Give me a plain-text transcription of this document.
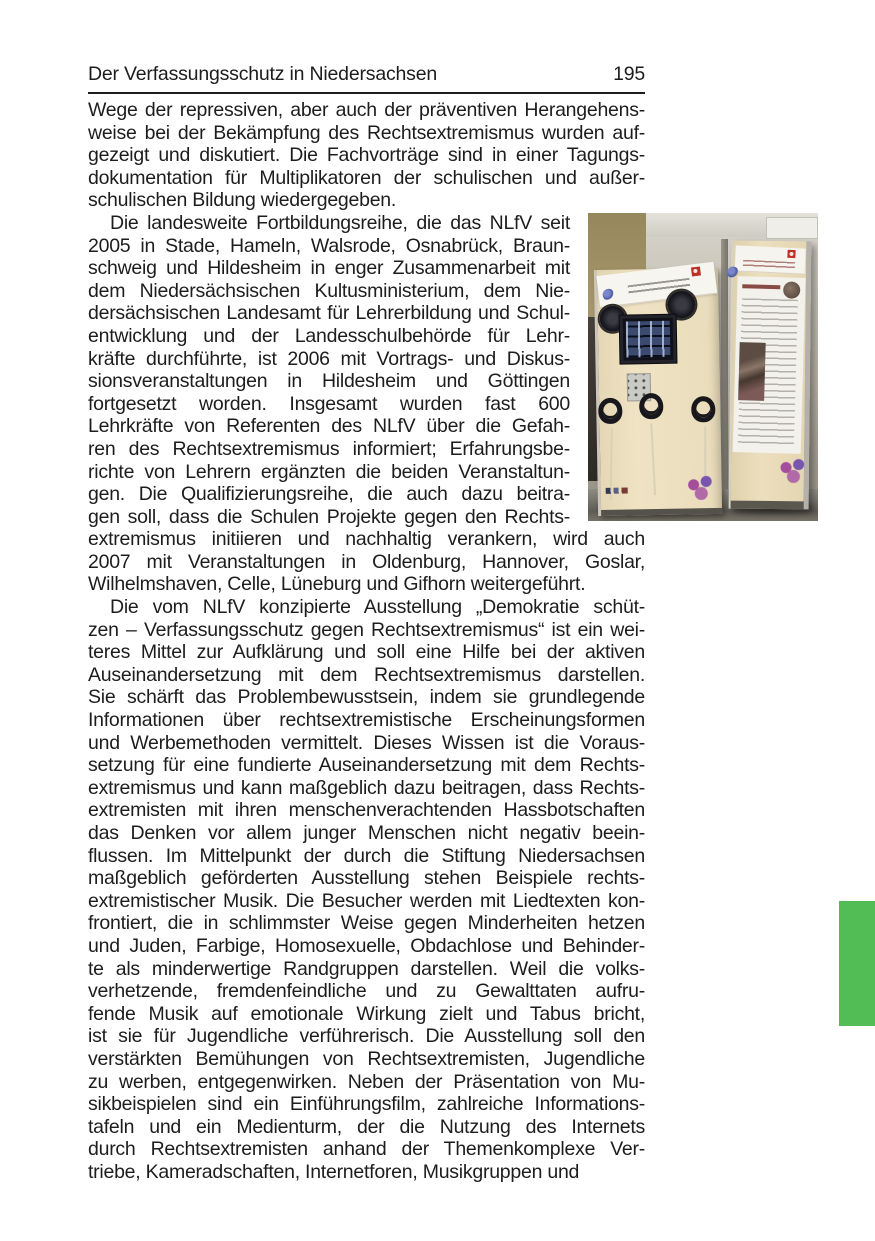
Der Verfassungsschutz in Niedersachsen	195
Wege der repressiven, aber auch der präventiven Herangehens-
weise bei der Bekämpfung des Rechtsextremismus wurden auf-
gezeigt und diskutiert. Die Fachvorträge sind in einer Tagungs-
dokumentation für Multiplikatoren der schulischen und außer-
schulischen Bildung wiedergegeben.
Die landesweite Fortbildungsreihe, die das NLfV seit
2005 in Stade, Hameln, Walsrode, Osnabrück, Braun-
schweig und Hildesheim in enger Zusammenarbeit mit
dem Niedersächsischen Kultusministerium, dem Nie-
dersächsischen Landesamt für Lehrerbildung und Schul-
entwicklung und der Landesschulbehörde für Lehr-
kräfte durchführte, ist 2006 mit Vortrags- und Diskus-
sionsveranstaltungen in Hildesheim und Göttingen
fortgesetzt worden. Insgesamt wurden fast 600
Lehrkräfte von Referenten des NLfV über die Gefah-
ren des Rechtsextremismus informiert; Erfahrungsbe-
richte von Lehrern ergänzten die beiden Veranstaltun-
gen. Die Qualifizierungsreihe, die auch dazu beitra-
gen soll, dass die Schulen Projekte gegen den Rechts-
extremismus initiieren und nachhaltig verankern, wird auch
2007 mit Veranstaltungen in Oldenburg, Hannover, Goslar,
Wilhelmshaven, Celle, Lüneburg und Gifhorn weitergeführt.
Die vom NLfV konzipierte Ausstellung „Demokratie schüt-
zen – Verfassungsschutz gegen Rechtsextremismus“ ist ein wei-
teres Mittel zur Aufklärung und soll eine Hilfe bei der aktiven
Auseinandersetzung mit dem Rechtsextremismus darstellen.
Sie schärft das Problembewusstsein, indem sie grundlegende
Informationen über rechtsextremistische Erscheinungsformen
und Werbemethoden vermittelt. Dieses Wissen ist die Voraus-
setzung für eine fundierte Auseinandersetzung mit dem Rechts-
extremismus und kann maßgeblich dazu beitragen, dass Rechts-
extremisten mit ihren menschenverachtenden Hassbotschaften
das Denken vor allem junger Menschen nicht negativ beein-
flussen. Im Mittelpunkt der durch die Stiftung Niedersachsen
maßgeblich geförderten Ausstellung stehen Beispiele rechts-
extremistischer Musik. Die Besucher werden mit Liedtexten kon-
frontiert, die in schlimmster Weise gegen Minderheiten hetzen
und Juden, Farbige, Homosexuelle, Obdachlose und Behinder-
te als minderwertige Randgruppen darstellen. Weil die volks-
verhetzende, fremdenfeindliche und zu Gewalttaten aufru-
fende Musik auf emotionale Wirkung zielt und Tabus bricht,
ist sie für Jugendliche verführerisch. Die Ausstellung soll den
verstärkten Bemühungen von Rechtsextremisten, Jugendliche
zu werben, entgegenwirken. Neben der Präsentation von Mu-
sikbeispielen sind ein Einführungsfilm, zahlreiche Informations-
tafeln und ein Medienturm, der die Nutzung des Internets
durch Rechtsextremisten anhand der Themenkomplexe Ver-
triebe, Kameradschaften, Internetforen, Musikgruppen und
